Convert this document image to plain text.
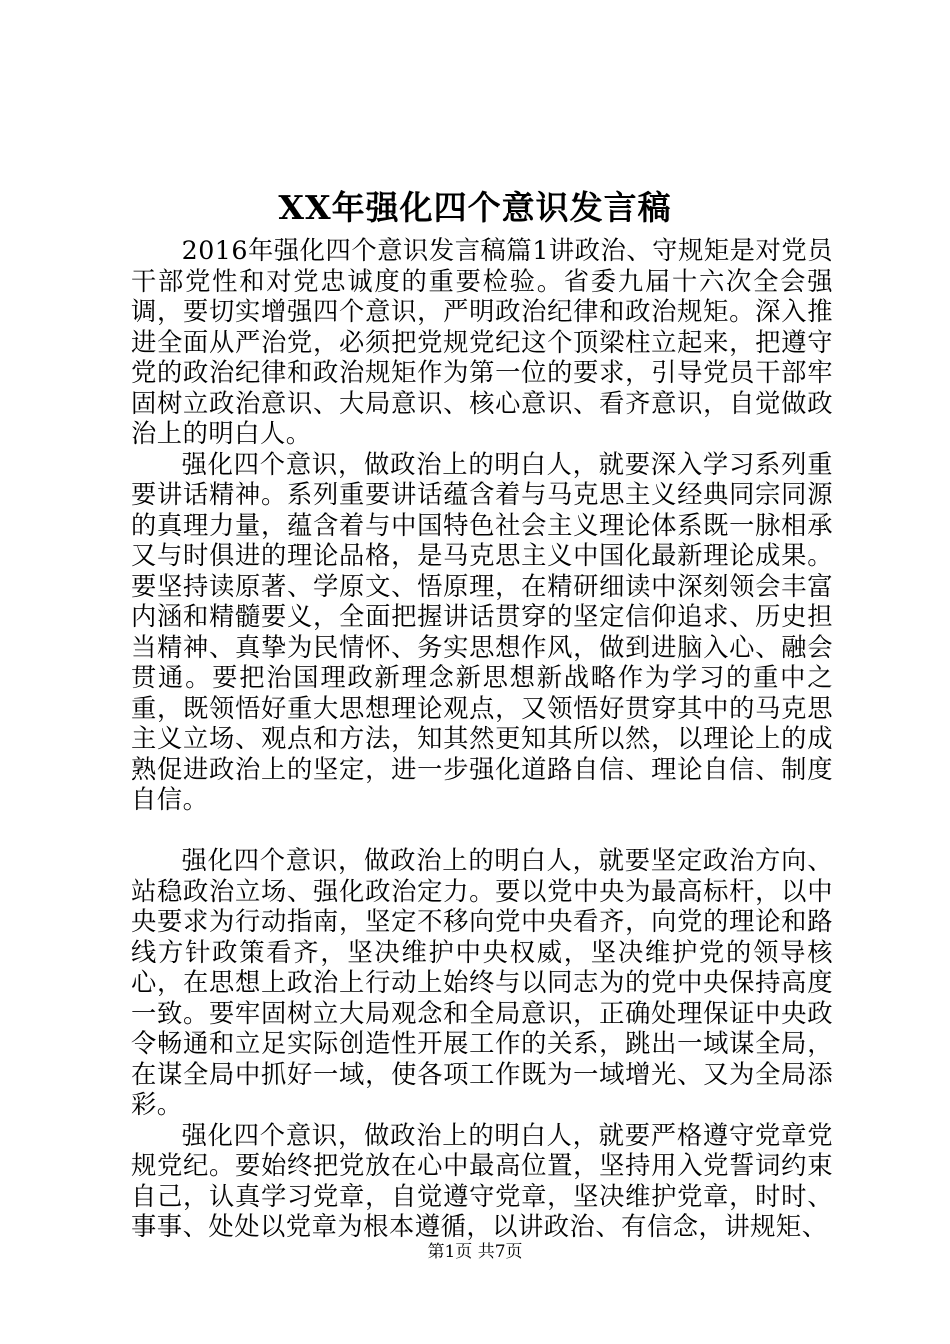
XX年强化四个意识发言稿

2016年强化四个意识发言稿篇1讲政治、守规矩是对党员干部党性和对党忠诚度的重要检验。省委九届十六次全会强调，要切实增强四个意识，严明政治纪律和政治规矩。深入推进全面从严治党，必须把党规党纪这个顶梁柱立起来，把遵守党的政治纪律和政治规矩作为第一位的要求，引导党员干部牢固树立政治意识、大局意识、核心意识、看齐意识，自觉做政治上的明白人。

强化四个意识，做政治上的明白人，就要深入学习系列重要讲话精神。系列重要讲话蕴含着与马克思主义经典同宗同源的真理力量，蕴含着与中国特色社会主义理论体系既一脉相承又与时俱进的理论品格，是马克思主义中国化最新理论成果。要坚持读原著、学原文、悟原理，在精研细读中深刻领会丰富内涵和精髓要义，全面把握讲话贯穿的坚定信仰追求、历史担当精神、真挚为民情怀、务实思想作风，做到进脑入心、融会贯通。要把治国理政新理念新思想新战略作为学习的重中之重，既领悟好重大思想理论观点，又领悟好贯穿其中的马克思主义立场、观点和方法，知其然更知其所以然，以理论上的成熟促进政治上的坚定，进一步强化道路自信、理论自信、制度自信。

强化四个意识，做政治上的明白人，就要坚定政治方向、站稳政治立场、强化政治定力。要以党中央为最高标杆，以中央要求为行动指南，坚定不移向党中央看齐，向党的理论和路线方针政策看齐，坚决维护中央权威，坚决维护党的领导核心，在思想上政治上行动上始终与以同志为的党中央保持高度一致。要牢固树立大局观念和全局意识，正确处理保证中央政令畅通和立足实际创造性开展工作的关系，跳出一域谋全局，在谋全局中抓好一域，使各项工作既为一域增光、又为全局添彩。

强化四个意识，做政治上的明白人，就要严格遵守党章党规党纪。要始终把党放在心中最高位置，坚持用入党誓词约束自己，认真学习党章，自觉遵守党章，坚决维护党章，时时、事事、处处以党章为根本遵循，以讲政治、有信念，讲规矩、

第1页 共7页
